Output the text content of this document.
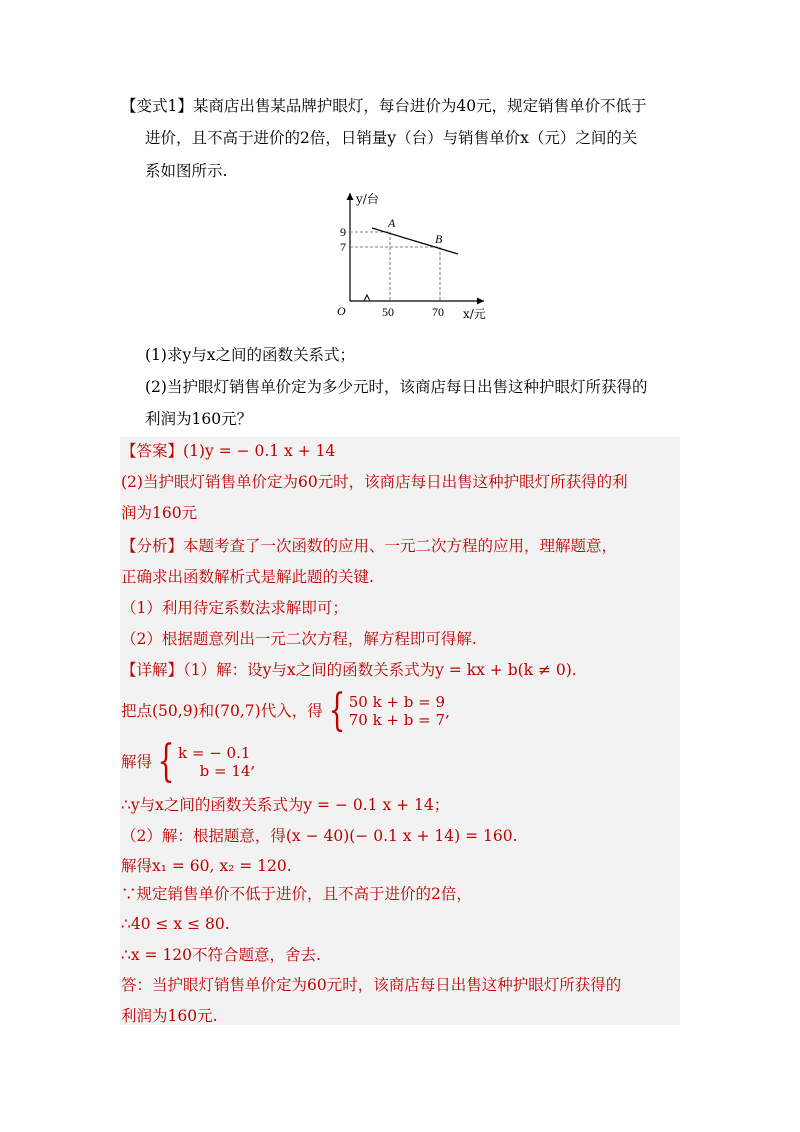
【变式1】某商店出售某品牌护眼灯，每台进价为40元，规定销售单价不低于
进价，且不高于进价的2倍，日销量y（台）与销售单价x（元）之间的关
系如图所示.
A
B
9
7
50	70
O
y/台
x/元
(1)求y与x之间的函数关系式；
(2)当护眼灯销售单价定为多少元时，该商店每日出售这种护眼灯所获得的
利润为160元？
【答案】(1)y = − 0.1 x + 14
(2)当护眼灯销售单价定为60元时，该商店每日出售这种护眼灯所获得的利
润为160元
【分析】本题考查了一次函数的应用、一元二次方程的应用，理解题意，
正确求出函数解析式是解此题的关键.
（1）利用待定系数法求解即可；
（2）根据题意列出一元二次方程，解方程即可得解.
【详解】（1）解：设y与x之间的函数关系式为y = kx + b(k ≠ 0).
把点(50,9)和(70,7)代入，得 { 50 k + b = 9
70 k + b = 7 ,
解得 { k = − 0.1
b = 14 ,
∴y与x之间的函数关系式为y = − 0.1 x + 14；
（2）解：根据题意，得(x − 40)(− 0.1 x + 14) = 160.
解得x₁ = 60, x₂ = 120.
∵规定销售单价不低于进价，且不高于进价的2倍，
∴40 ≤ x ≤ 80.
∴x = 120不符合题意，舍去.
答：当护眼灯销售单价定为60元时，该商店每日出售这种护眼灯所获得的
利润为160元.
